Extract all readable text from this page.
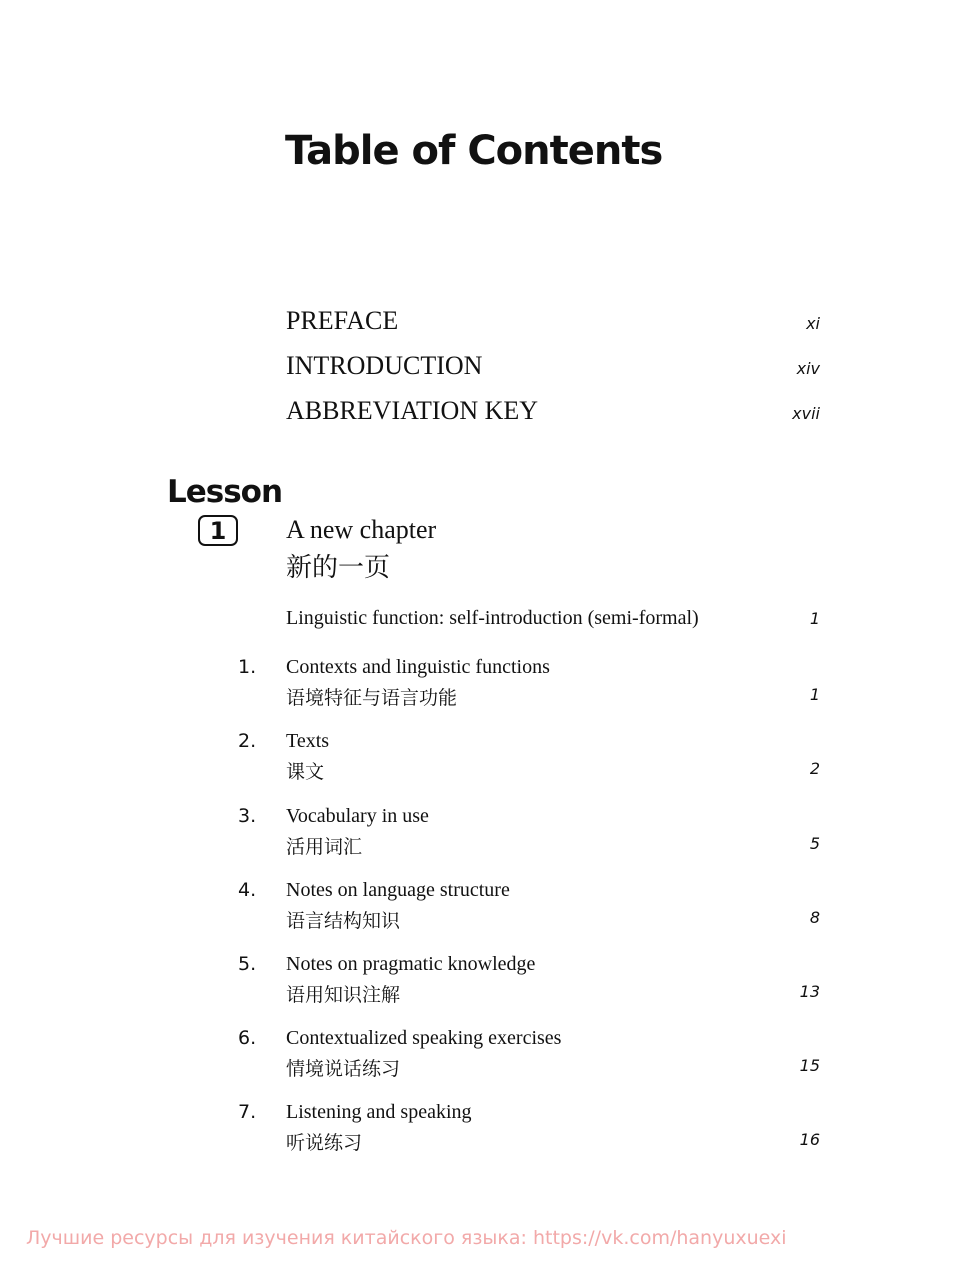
Table of Contents
PREFACE	xi
INTRODUCTION	xiv
ABBREVIATION KEY	xvii
Lesson
1	A new chapter
新的一页
Linguistic function: self-introduction (semi-formal)	1
1. Contexts and linguistic functions
语境特征与语言功能	1
2. Texts
课文	2
3. Vocabulary in use
活用词汇	5
4. Notes on language structure
语言结构知识	8
5. Notes on pragmatic knowledge
语用知识注解	13
6. Contextualized speaking exercises
情境说话练习	15
7. Listening and speaking
听说练习	16
Лучшие ресурсы для изучения китайского языка: https://vk.com/hanyuxuexi
